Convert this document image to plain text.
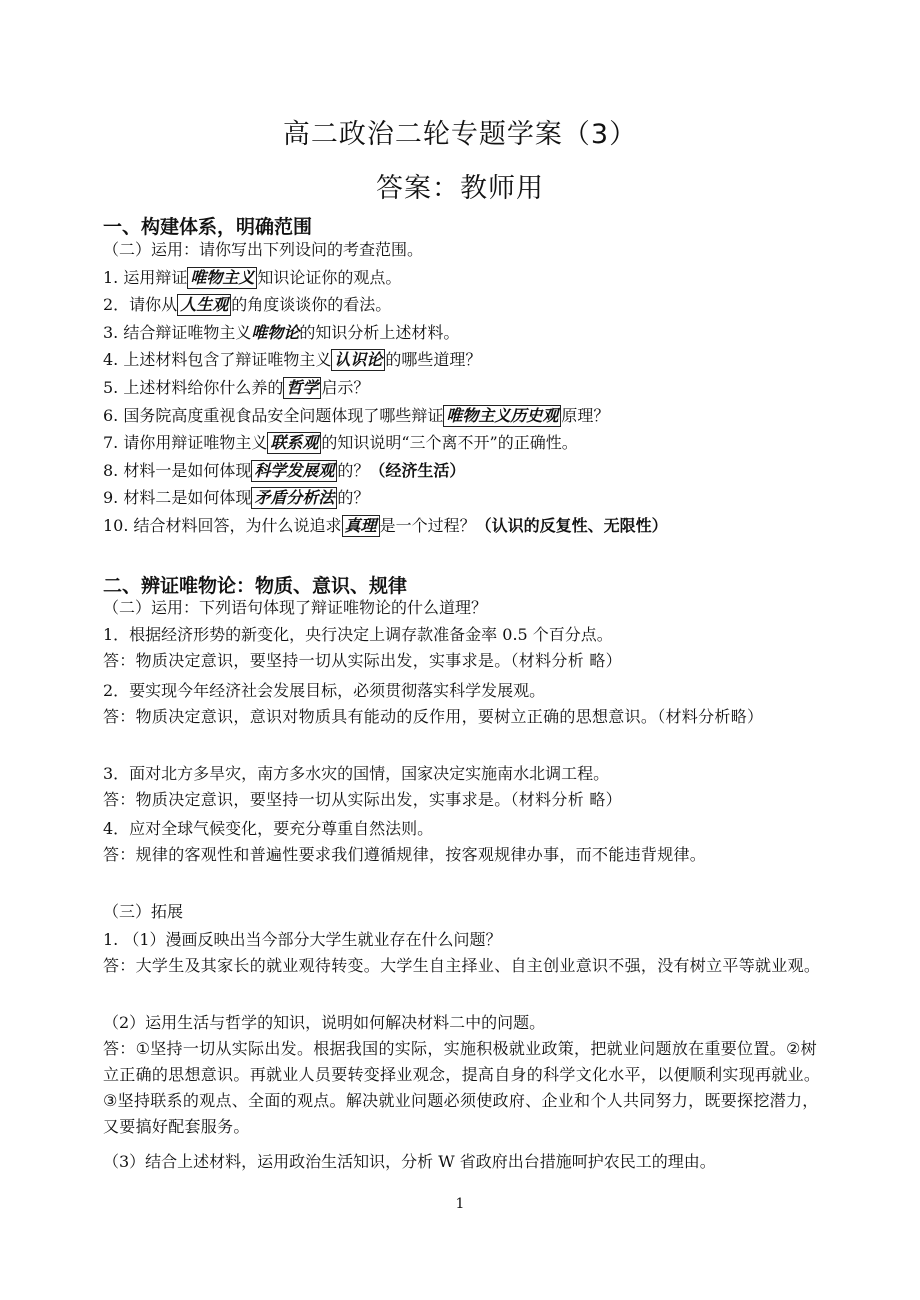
高二政治二轮专题学案（3）
答案：教师用
一、构建体系，明确范围
（二）运用：请你写出下列设问的考查范围。
1. 运用辩证 唯物主义 知识论证你的观点。
2．请你从 人生观 的角度谈谈你的看法。
3. 结合辩证唯物主义唯物论的知识分析上述材料。
4. 上述材料包含了辩证唯物主义 认识论 的哪些道理？
5. 上述材料给你什么养的 哲学 启示？
6. 国务院高度重视食品安全问题体现了哪些辩证 唯物主义历史观 原理？
7. 请你用辩证唯物主义 联系观 的知识说明“三个离不开”的正确性。
8. 材料一是如何体现 科学发展观 的？（经济生活）
9. 材料二是如何体现 矛盾分析法 的？
10. 结合材料回答，为什么说追求 真理 是一个过程？（认识的反复性、无限性）
二、辨证唯物论：物质、意识、规律
（二）运用：下列语句体现了辩证唯物论的什么道理？
1．根据经济形势的新变化，央行决定上调存款准备金率 0.5 个百分点。
答：物质决定意识，要坚持一切从实际出发，实事求是。（材料分析 略）
2．要实现今年经济社会发展目标，必须贯彻落实科学发展观。
答：物质决定意识，意识对物质具有能动的反作用，要树立正确的思想意识。（材料分析略）
3．面对北方多旱灾，南方多水灾的国情，国家决定实施南水北调工程。
答：物质决定意识，要坚持一切从实际出发，实事求是。（材料分析 略）
4．应对全球气候变化，要充分尊重自然法则。
答：规律的客观性和普遍性要求我们遵循规律，按客观规律办事，而不能违背规律。
（三）拓展
1. （1）漫画反映出当今部分大学生就业存在什么问题？
答：大学生及其家长的就业观待转变。大学生自主择业、自主创业意识不强，没有树立平等就业观。
（2）运用生活与哲学的知识，说明如何解决材料二中的问题。
答：①坚持一切从实际出发。根据我国的实际，实施积极就业政策，把就业问题放在重要位置。②树立正确的思想意识。再就业人员要转变择业观念，提高自身的科学文化水平，以便顺利实现再就业。③坚持联系的观点、全面的观点。解决就业问题必须使政府、企业和个人共同努力，既要探挖潜力，又要搞好配套服务。
（3）结合上述材料，运用政治生活知识，分析 W 省政府出台措施呵护农民工的理由。
1
